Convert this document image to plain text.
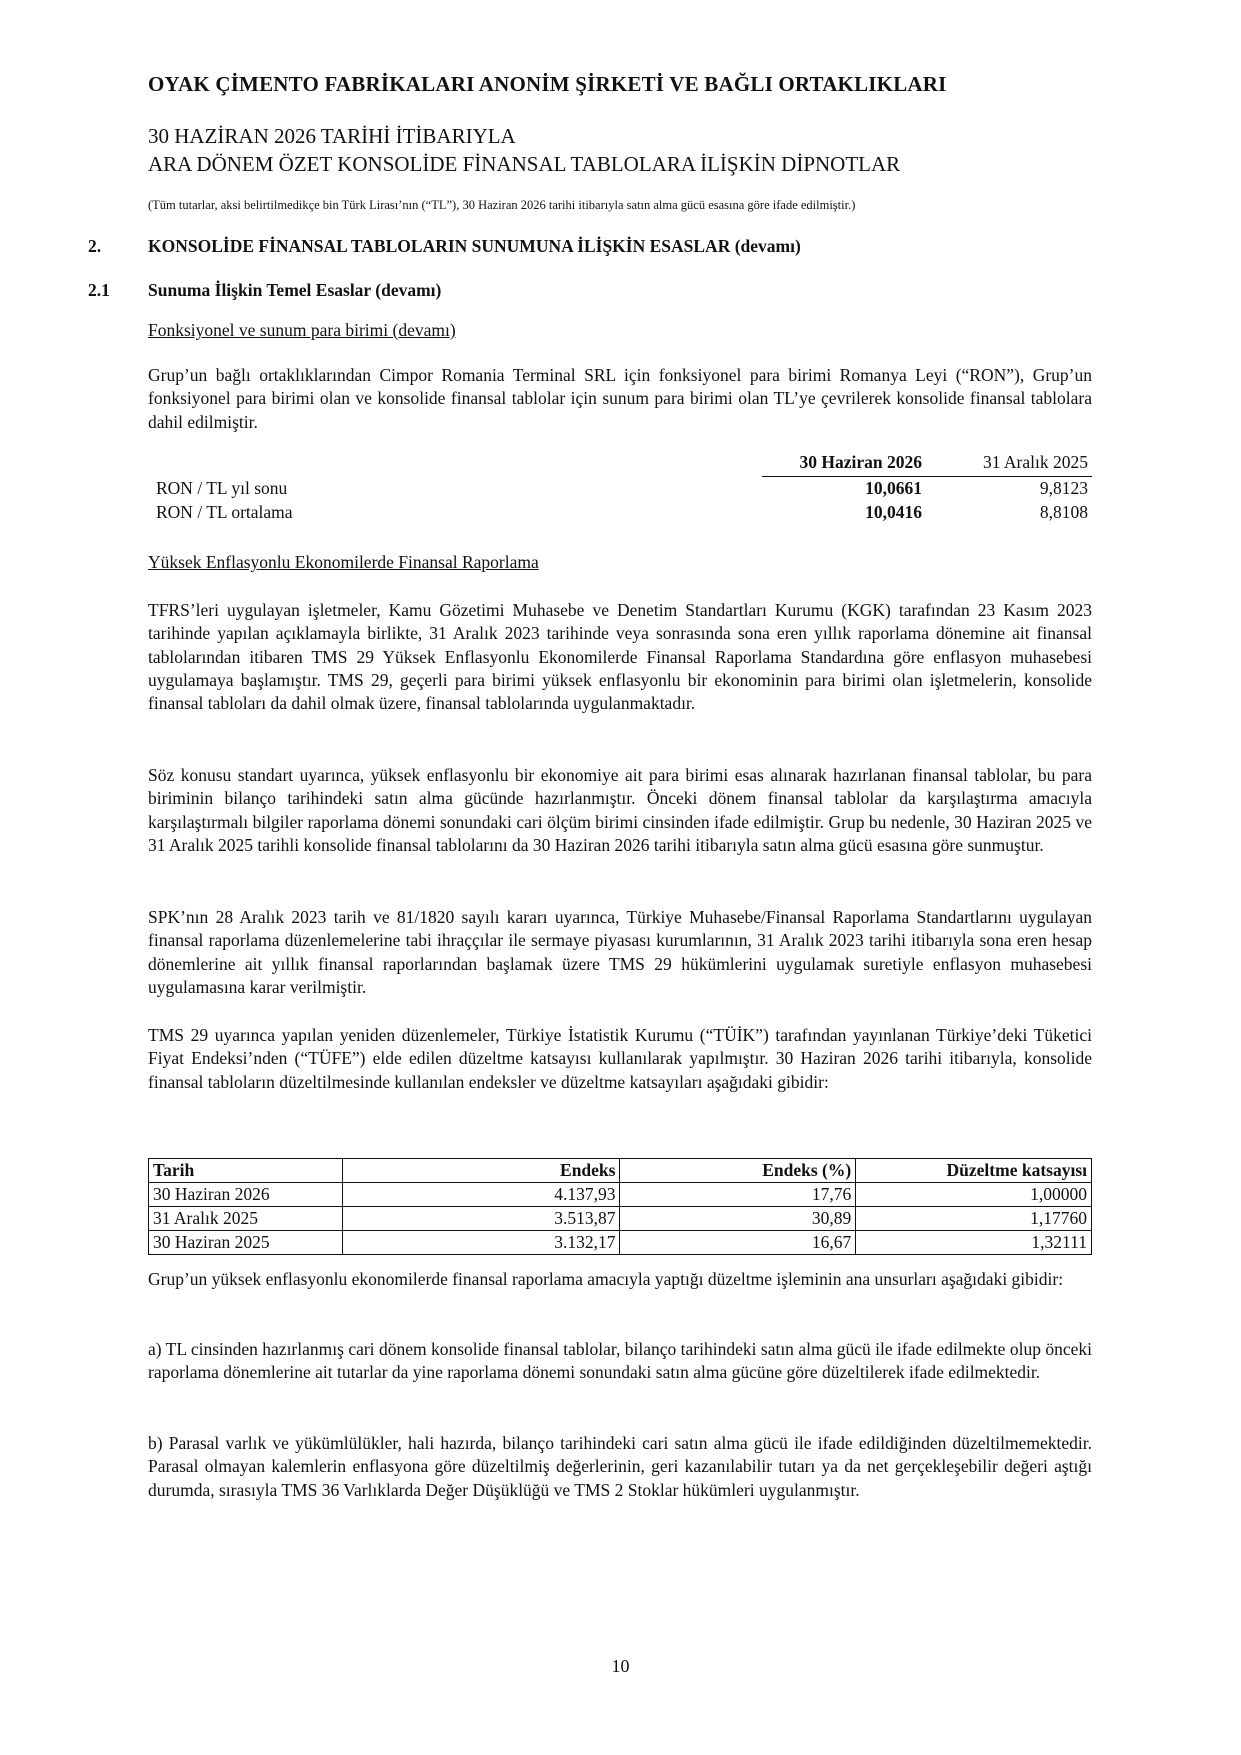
OYAK ÇİMENTO FABRİKALARI ANONİM ŞİRKETİ VE BAĞLI ORTAKLIKLARI
30 HAZİRAN 2026 TARİHİ İTİBARIYLA
ARA DÖNEM ÖZET KONSOLİDE FİNANSAL TABLOLARA İLİŞKİN DİPNOTLAR
(Tüm tutarlar, aksi belirtilmedikçe bin Türk Lirası’nın (“TL”), 30 Haziran 2026 tarihi itibarıyla satın alma gücü esasına göre ifade edilmiştir.)
2.	KONSOLİDE FİNANSAL TABLOLARIN SUNUMUNA İLİŞKİN ESASLAR (devamı)
2.1 Sunuma İlişkin Temel Esaslar (devamı)
Fonksiyonel ve sunum para birimi (devamı)

Grup’un bağlı ortaklıklarından Cimpor Romania Terminal SRL için fonksiyonel para birimi Romanya Leyi (“RON”), Grup’un fonksiyonel para birimi olan ve konsolide finansal tablolar için sunum para birimi olan TL’ye çevrilerek konsolide finansal tablolara dahil edilmiştir.

30 Haziran 2026	31 Aralık 2025
RON / TL yıl sonu	10,0661	9,8123
RON / TL ortalama	10,0416	8,8108
Yüksek Enflasyonlu Ekonomilerde Finansal Raporlama

TFRS’leri uygulayan işletmeler, Kamu Gözetimi Muhasebe ve Denetim Standartları Kurumu (KGK) tarafından 23 Kasım 2023 tarihinde yapılan açıklamayla birlikte, 31 Aralık 2023 tarihinde veya sonrasında sona eren yıllık raporlama dönemine ait finansal tablolarından itibaren TMS 29 Yüksek Enflasyonlu Ekonomilerde Finansal Raporlama Standardına göre enflasyon muhasebesi uygulamaya başlamıştır. TMS 29, geçerli para birimi yüksek enflasyonlu bir ekonominin para birimi olan işletmelerin, konsolide finansal tabloları da dahil olmak üzere, finansal tablolarında uygulanmaktadır.

Söz konusu standart uyarınca, yüksek enflasyonlu bir ekonomiye ait para birimi esas alınarak hazırlanan finansal tablolar, bu para biriminin bilanço tarihindeki satın alma gücünde hazırlanmıştır. Önceki dönem finansal tablolar da karşılaştırma amacıyla karşılaştırmalı bilgiler raporlama dönemi sonundaki cari ölçüm birimi cinsinden ifade edilmiştir. Grup bu nedenle, 30 Haziran 2025 ve 31 Aralık 2025 tarihli konsolide finansal tablolarını da 30 Haziran 2026 tarihi itibarıyla satın alma gücü esasına göre sunmuştur.

SPK’nın 28 Aralık 2023 tarih ve 81/1820 sayılı kararı uyarınca, Türkiye Muhasebe/Finansal Raporlama Standartlarını uygulayan finansal raporlama düzenlemelerine tabi ihraççılar ile sermaye piyasası kurumlarının, 31 Aralık 2023 tarihi itibarıyla sona eren hesap dönemlerine ait yıllık finansal raporlarından başlamak üzere TMS 29 hükümlerini uygulamak suretiyle enflasyon muhasebesi uygulamasına karar verilmiştir.

TMS 29 uyarınca yapılan yeniden düzenlemeler, Türkiye İstatistik Kurumu (“TÜİK”) tarafından yayınlanan Türkiye’deki Tüketici Fiyat Endeksi’nden (“TÜFE”) elde edilen düzeltme katsayısı kullanılarak yapılmıştır. 30 Haziran 2026 tarihi itibarıyla, konsolide finansal tabloların düzeltilmesinde kullanılan endeksler ve düzeltme katsayıları aşağıdaki gibidir:

Tarih	Endeks	Endeks (%)	Düzeltme katsayısı
30 Haziran 2026	4.137,93	17,76	1,00000
31 Aralık 2025	3.513,87	30,89	1,17760
30 Haziran 2025	3.132,17	16,67	1,32111

Grup’un yüksek enflasyonlu ekonomilerde finansal raporlama amacıyla yaptığı düzeltme işleminin ana unsurları aşağıdaki gibidir:

a) TL cinsinden hazırlanmış cari dönem konsolide finansal tablolar, bilanço tarihindeki satın alma gücü ile ifade edilmekte olup önceki raporlama dönemlerine ait tutarlar da yine raporlama dönemi sonundaki satın alma gücüne göre düzeltilerek ifade edilmektedir.

b) Parasal varlık ve yükümlülükler, hali hazırda, bilanço tarihindeki cari satın alma gücü ile ifade edildiğinden düzeltilmemektedir. Parasal olmayan kalemlerin enflasyona göre düzeltilmiş değerlerinin, geri kazanılabilir tutarı ya da net gerçekleşebilir değeri aştığı durumda, sırasıyla TMS 36 Varlıklarda Değer Düşüklüğü ve TMS 2 Stoklar hükümleri uygulanmıştır.

10
